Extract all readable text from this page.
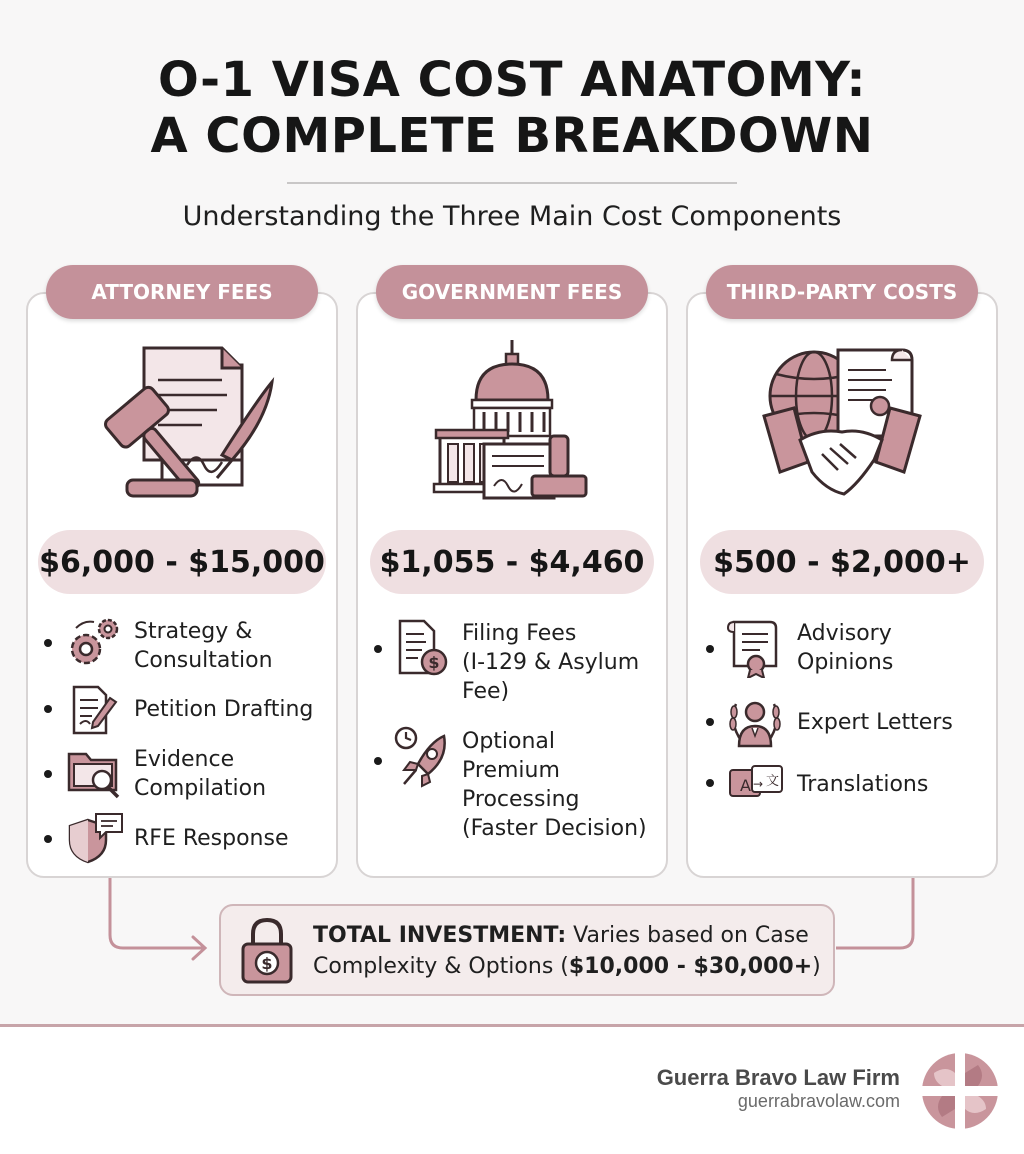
O-1 VISA COST ANATOMY:
A COMPLETE BREAKDOWN
Understanding the Three Main Cost Components
ATTORNEY FEES
$6,000 - $15,000
Strategy &
Consultation
Petition Drafting
Evidence
Compilation
RFE Response
GOVERNMENT FEES
$1,055 - $4,460
$
Filing Fees
(I-129 & Asylum
Fee)
Optional
Premium
Processing
(Faster Decision)
THIRD-PARTY COSTS
$500 - $2,000+
Advisory
Opinions
Expert Letters
A 文
→ Translations
$
TOTAL INVESTMENT: Varies based on Case Complexity & Options ($10,000 - $30,000+)
Guerra Bravo Law Firm
guerrabravolaw.com
